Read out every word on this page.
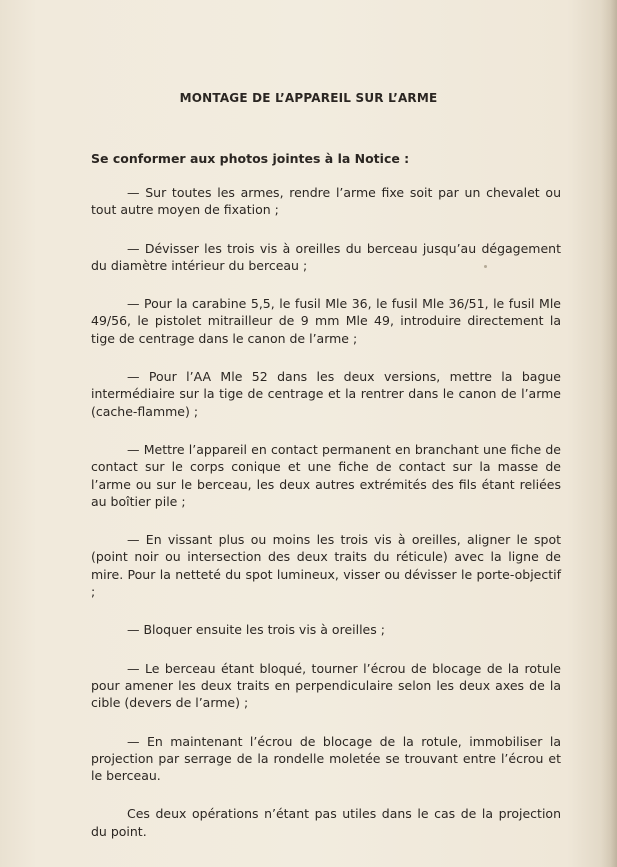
MONTAGE DE L’APPAREIL SUR L’ARME
Se conformer aux photos jointes à la Notice :

— Sur toutes les armes, rendre l’arme fixe soit par un chevalet ou tout autre moyen de fixation ;

— Dévisser les trois vis à oreilles du berceau jusqu’au dégagement du diamètre intérieur du berceau ;

— Pour la carabine 5,5, le fusil Mle 36, le fusil Mle 36/51, le fusil Mle 49/56, le pistolet mitrailleur de 9 mm Mle 49, introduire directement la tige de centrage dans le canon de l’arme ;

— Pour l’AA Mle 52 dans les deux versions, mettre la bague intermédiaire sur la tige de centrage et la rentrer dans le canon de l’arme (cache-flamme) ;

— Mettre l’appareil en contact permanent en branchant une fiche de contact sur le corps conique et une fiche de contact sur la masse de l’arme ou sur le berceau, les deux autres extrémités des fils étant reliées au boîtier pile ;

— En vissant plus ou moins les trois vis à oreilles, aligner le spot (point noir ou intersection des deux traits du réticule) avec la ligne de mire. Pour la netteté du spot lumineux, visser ou dévisser le porte-objectif ;

— Bloquer ensuite les trois vis à oreilles ;

— Le berceau étant bloqué, tourner l’écrou de blocage de la rotule pour amener les deux traits en perpendiculaire selon les deux axes de la cible (devers de l’arme) ;

— En maintenant l’écrou de blocage de la rotule, immobiliser la projection par serrage de la rondelle moletée se trouvant entre l’écrou et le berceau.

Ces deux opérations n’étant pas utiles dans le cas de la projection du point.
